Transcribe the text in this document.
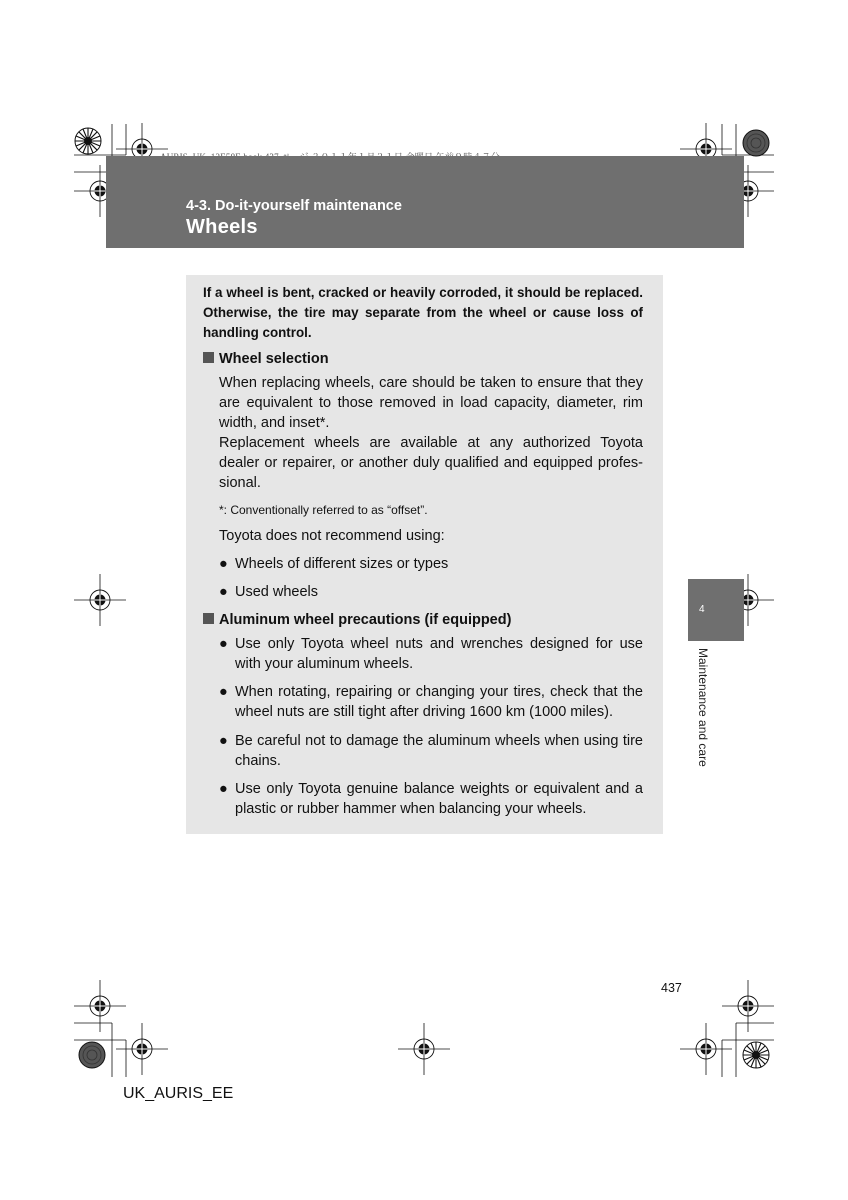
4-3. Do-it-yourself maintenance
Wheels
If a wheel is bent, cracked or heavily corroded, it should be replaced. Otherwise, the tire may separate from the wheel or cause loss of handling control.
Wheel selection
When replacing wheels, care should be taken to ensure that they are equivalent to those removed in load capacity, diameter, rim width, and inset*.
Replacement wheels are available at any authorized Toyota dealer or repairer, or another duly qualified and equipped profes-sional.
*: Conventionally referred to as “offset”.
Toyota does not recommend using:
● Wheels of different sizes or types
● Used wheels
Aluminum wheel precautions (if equipped)
● Use only Toyota wheel nuts and wrenches designed for use with your aluminum wheels.
● When rotating, repairing or changing your tires, check that the wheel nuts are still tight after driving 1600 km (1000 miles).
● Be careful not to damage the aluminum wheels when using tire chains.
● Use only Toyota genuine balance weights or equivalent and a plastic or rubber hammer when balancing your wheels.
4
Maintenance and care
437
UK_AURIS_EE
